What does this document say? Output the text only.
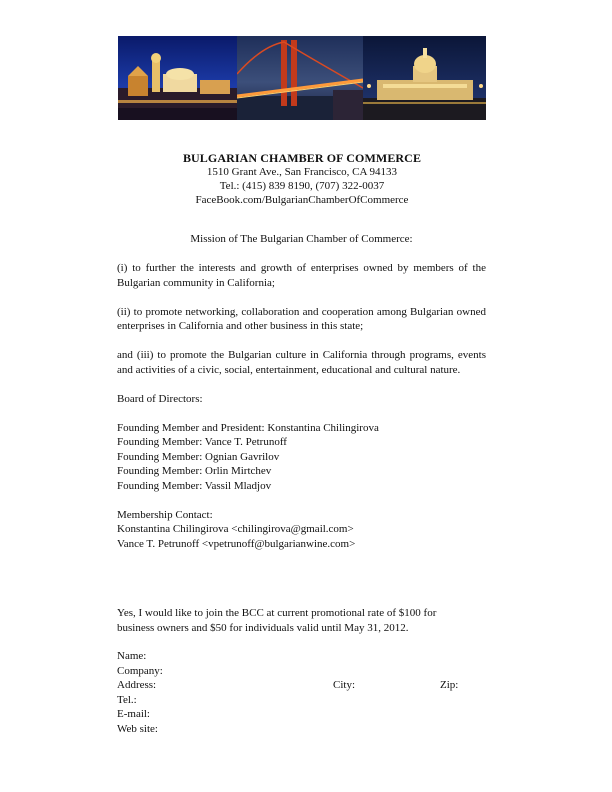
BULGARIAN CHAMBER OF COMMERCE
1510 Grant Ave., San Francisco, CA 94133
Tel.: (415) 839 8190, (707) 322-0037
FaceBook.com/BulgarianChamberOfCommerce
Mission of The Bulgarian Chamber of Commerce:
(i) to further the interests and growth of enterprises owned by members of the Bulgarian community in California;
(ii) to promote networking, collaboration and cooperation among Bulgarian owned enterprises in California and other business in this state;
and (iii) to promote the Bulgarian culture in California through programs, events and activities of a civic, social, entertainment, educational and cultural nature.
Board of Directors:
Founding Member and President: Konstantina Chilingirova
Founding Member: Vance T. Petrunoff
Founding Member: Ognian Gavrilov
Founding Member: Orlin Mirtchev
Founding Member: Vassil Mladjov
Membership Contact:
Konstantina Chilingirova <chilingirova@gmail.com>
Vance T. Petrunoff <vpetrunoff@bulgarianwine.com>
Yes, I would like to join the BCC at current promotional rate of $100 for
business owners and $50 for individuals valid until May 31, 2012.
Name:
Company:
Address:	City:	Zip:
Tel.:
E-mail:
Web site:
